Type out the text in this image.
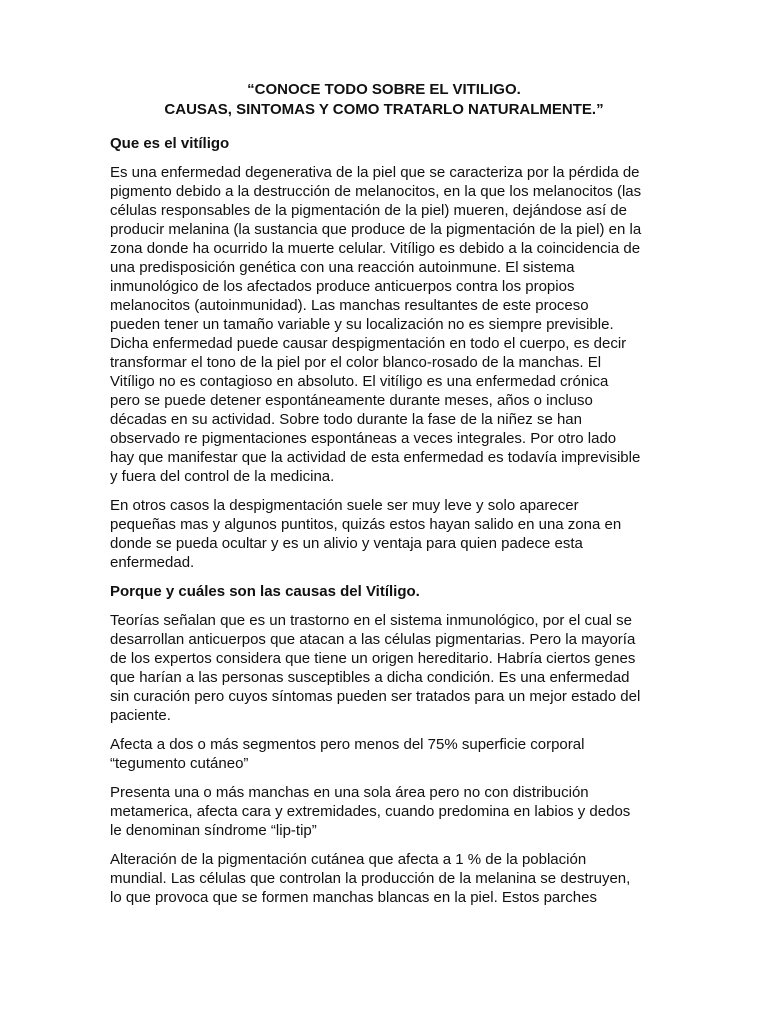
“CONOCE TODO SOBRE EL VITILIGO.
CAUSAS, SINTOMAS Y COMO TRATARLO NATURALMENTE.”
Que es el vitíligo
Es una enfermedad degenerativa de la piel que se caracteriza por la pérdida de
pigmento debido a la destrucción de melanocitos, en la que los melanocitos (las
células responsables de la pigmentación de la piel) mueren, dejándose así de
producir melanina (la sustancia que produce de la pigmentación de la piel) en la
zona donde ha ocurrido la muerte celular. Vitíligo es debido a la coincidencia de
una predisposición genética con una reacción autoinmune. El sistema
inmunológico de los afectados produce anticuerpos contra los propios
melanocitos (autoinmunidad). Las manchas resultantes de este proceso
pueden tener un tamaño variable y su localización no es siempre previsible.
Dicha enfermedad puede causar despigmentación en todo el cuerpo, es decir
transformar el tono de la piel por el color blanco-rosado de la manchas. El
Vitíligo no es contagioso en absoluto. El vitíligo es una enfermedad crónica
pero se puede detener espontáneamente durante meses, años o incluso
décadas en su actividad. Sobre todo durante la fase de la niñez se han
observado re pigmentaciones espontáneas a veces integrales. Por otro lado
hay que manifestar que la actividad de esta enfermedad es todavía imprevisible
y fuera del control de la medicina.
En otros casos la despigmentación suele ser muy leve y solo aparecer
pequeñas mas y algunos puntitos, quizás estos hayan salido en una zona en
donde se pueda ocultar y es un alivio y ventaja para quien padece esta
enfermedad.
Porque y cuáles son las causas del Vitíligo.
Teorías señalan que es un trastorno en el sistema inmunológico, por el cual se
desarrollan anticuerpos que atacan a las células pigmentarias. Pero la mayoría
de los expertos considera que tiene un origen hereditario. Habría ciertos genes
que harían a las personas susceptibles a dicha condición. Es una enfermedad
sin curación pero cuyos síntomas pueden ser tratados para un mejor estado del
paciente.
Afecta a dos o más segmentos pero menos del 75% superficie corporal
“tegumento cutáneo”
Presenta una o más manchas en una sola área pero no con distribución
metamerica, afecta cara y extremidades, cuando predomina en labios y dedos
le denominan síndrome “lip-tip”
Alteración de la pigmentación cutánea que afecta a 1 % de la población
mundial. Las células que controlan la producción de la melanina se destruyen,
lo que provoca que se formen manchas blancas en la piel. Estos parches
